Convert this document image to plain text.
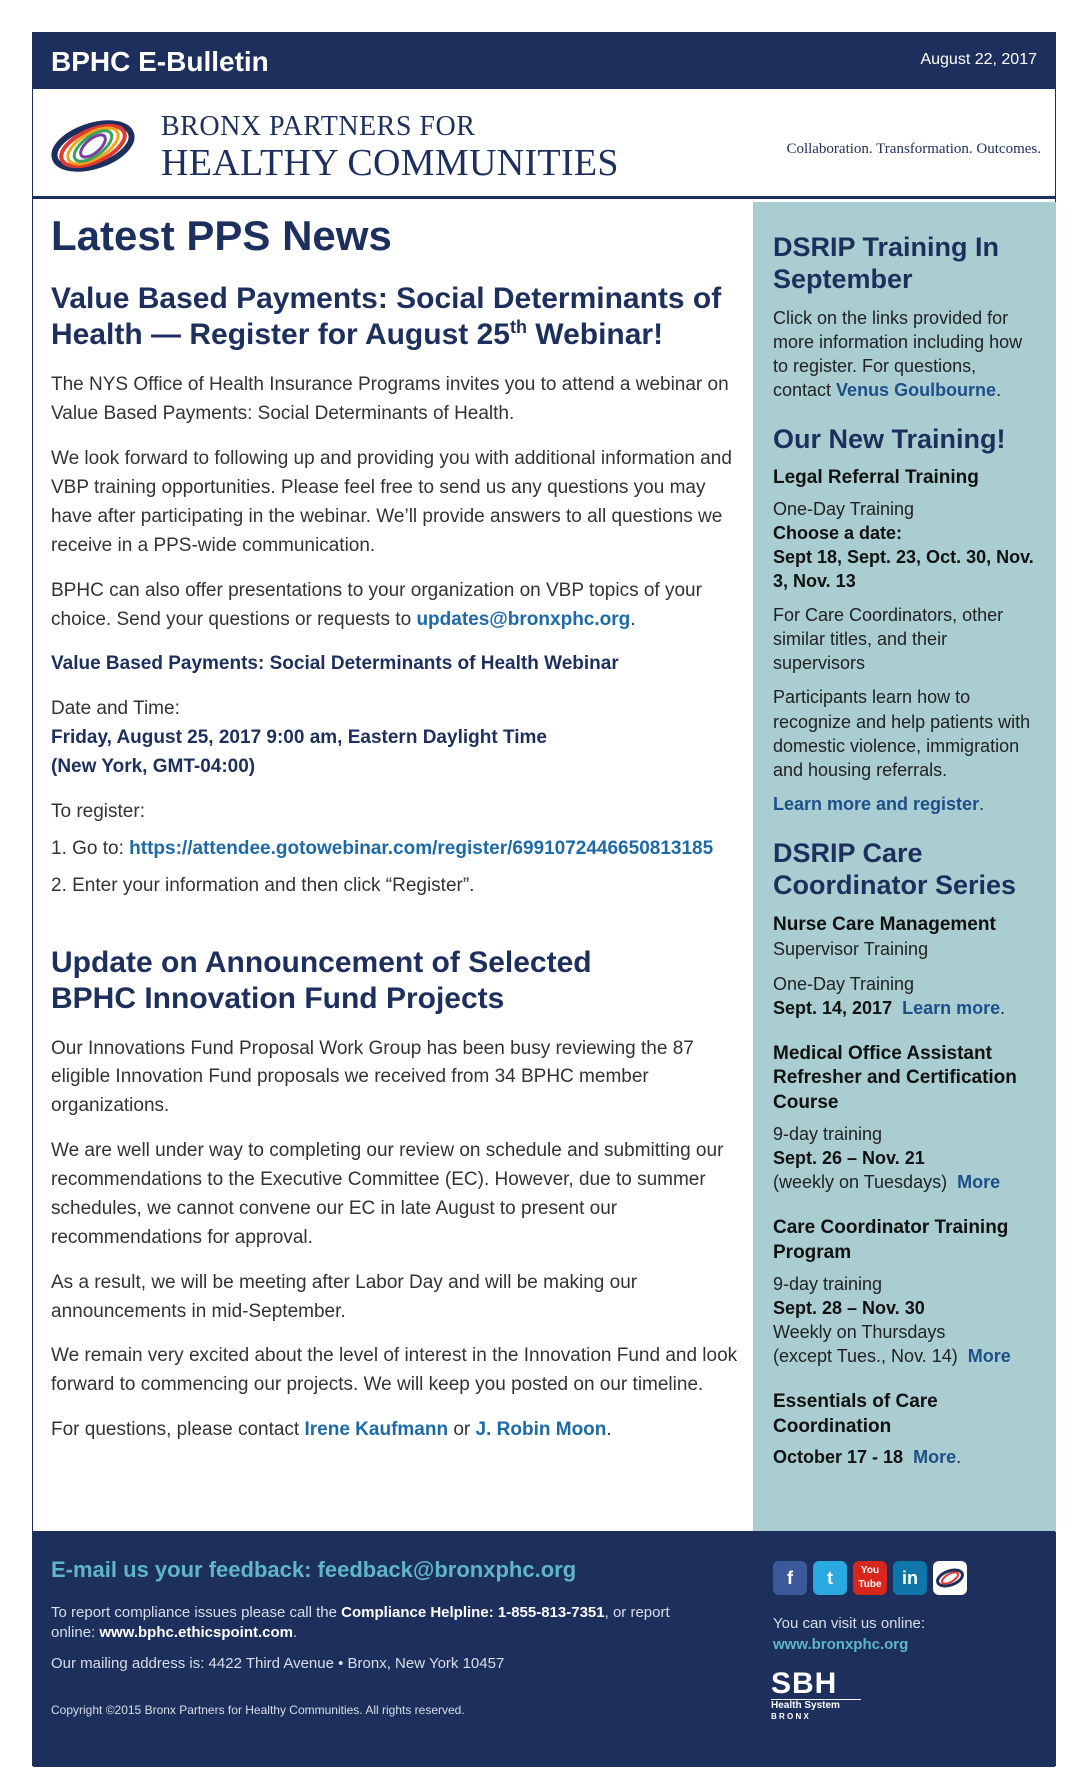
BPHC E-Bulletin	August 22, 2017
BRONX PARTNERS FOR
HEALTHY COMMUNITIES	Collaboration. Transformation. Outcomes.
Latest PPS News
Value Based Payments: Social Determinants of Health — Register for August 25th Webinar!

The NYS Office of Health Insurance Programs invites you to attend a webinar on Value Based Payments: Social Determinants of Health.

We look forward to following up and providing you with additional information and VBP training opportunities. Please feel free to send us any questions you may have after participating in the webinar. We’ll provide answers to all questions we receive in a PPS-wide communication.

BPHC can also offer presentations to your organization on VBP topics of your choice. Send your questions or requests to updates@bronxphc.org.

Value Based Payments: Social Determinants of Health Webinar

Date and Time:
Friday, August 25, 2017 9:00 am, Eastern Daylight Time
(New York, GMT-04:00)

To register:

1. Go to: https://attendee.gotowebinar.com/register/6991072446650813185

2. Enter your information and then click “Register”.

Update on Announcement of Selected
BPHC Innovation Fund Projects

Our Innovations Fund Proposal Work Group has been busy reviewing the 87 eligible Innovation Fund proposals we received from 34 BPHC member organizations.

We are well under way to completing our review on schedule and submitting our recommendations to the Executive Committee (EC). However, due to summer schedules, we cannot convene our EC in late August to present our recommendations for approval.

As a result, we will be meeting after Labor Day and will be making our announcements in mid-September.

We remain very excited about the level of interest in the Innovation Fund and look forward to commencing our projects. We will keep you posted on our timeline.

For questions, please contact Irene Kaufmann or J. Robin Moon.

DSRIP Training In September

Click on the links provided for more information including how to register. For questions, contact Venus Goulbourne.

Our New Training!
Legal Referral Training

One-Day Training
Choose a date:
Sept 18, Sept. 23, Oct. 30, Nov. 3, Nov. 13

For Care Coordinators, other similar titles, and their supervisors

Participants learn how to recognize and help patients with domestic violence, immigration and housing referrals.

Learn more and register.

DSRIP Care Coordinator Series

Nurse Care Management
Supervisor Training

One-Day Training
Sept. 14, 2017 Learn more.

Medical Office Assistant Refresher and Certification Course

9-day training
Sept. 26 – Nov. 21
(weekly on Tuesdays) More

Care Coordinator Training Program

9-day training
Sept. 28 – Nov. 30
Weekly on Thursdays
(except Tues., Nov. 14) More

Essentials of Care Coordination

October 17 - 18 More.

E-mail us your feedback: feedback@bronxphc.org
To report compliance issues please call the Compliance Helpline: 1-855-813-7351, or report online: www.bphc.ethicspoint.com.
Our mailing address is: 4422 Third Avenue • Bronx, New York 10457
Copyright ©2015 Bronx Partners for Healthy Communities. All rights reserved.
f t	You
Tube	in
You can visit us online:
www.bronxphc.org
SBH
Health System
B R O N X
